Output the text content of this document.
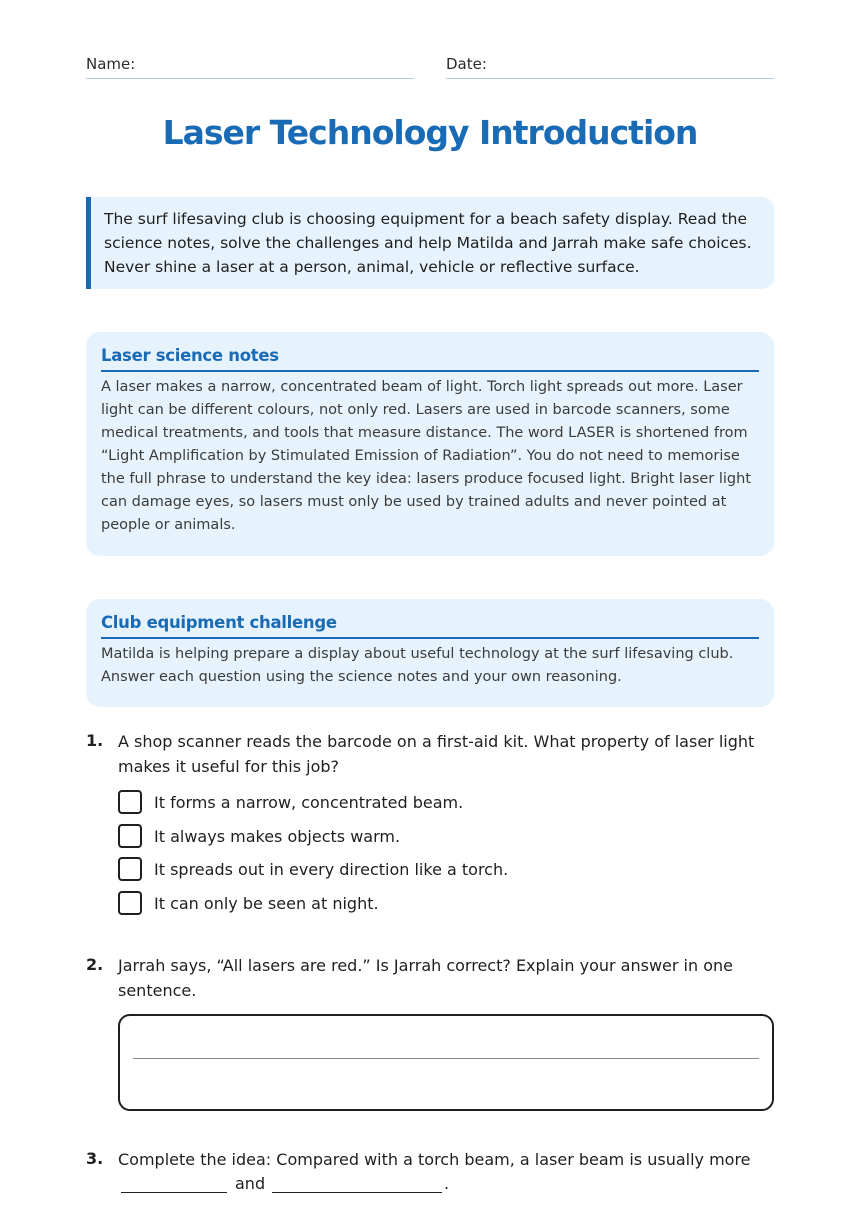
Name:	Date:
Laser Technology Introduction
The surf lifesaving club is choosing equipment for a beach safety display. Read the science notes, solve the challenges and help Matilda and Jarrah make safe choices. Never shine a laser at a person, animal, vehicle or reflective surface.
Laser science notes
A laser makes a narrow, concentrated beam of light. Torch light spreads out more. Laser light can be different colours, not only red. Lasers are used in barcode scanners, some medical treatments, and tools that measure distance. The word LASER is shortened from “Light Amplification by Stimulated Emission of Radiation”. You do not need to memorise the full phrase to understand the key idea: lasers produce focused light. Bright laser light can damage eyes, so lasers must only be used by trained adults and never pointed at people or animals.
Club equipment challenge
Matilda is helping prepare a display about useful technology at the surf lifesaving club. Answer each question using the science notes and your own reasoning.
1. A shop scanner reads the barcode on a first-aid kit. What property of laser light makes it useful for this job?
It forms a narrow, concentrated beam.
It always makes objects warm.
It spreads out in every direction like a torch.
It can only be seen at night.
2. Jarrah says, “All lasers are red.” Is Jarrah correct? Explain your answer in one sentence.
3. Complete the idea: Compared with a torch beam, a laser beam is usually more
and	.
